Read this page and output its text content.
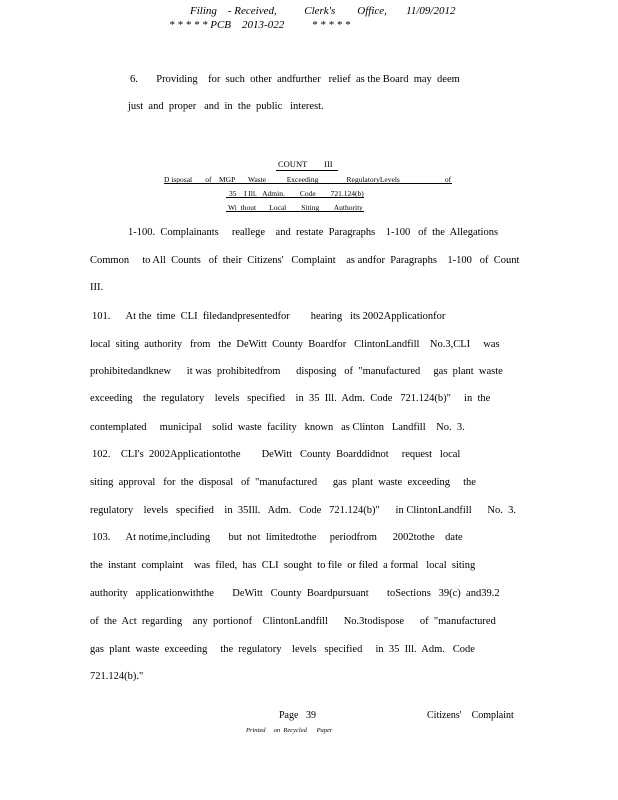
Filing    - Received,          Clerk's        Office,       11/09/2012
* * * * * PCB    2013-022          * * * * *
6.       Providing    for  such  other  andfurther   relief  as the Board  may  deem
just  and  proper   and  in  the  public   interest.
COUNT        III
D isposal       of    MGP       Waste           Exceeding               RegulatoryLevels                        of
35    I Ill.   Admin.        Code        721.124(b)
Wi  thout       Local        Siting        Authority
1-100.  Complainants     reallege    and  restate  Paragraphs    1-100   of  the  Allegations
Common     to All  Counts   of  their  Citizens'   Complaint    as andfor  Paragraphs    1-100   of  Count
III.
101.      At the  time  CLI  filedandpresentedfor        hearing   its 2002Applicationfor
local  siting  authority   from   the  DeWitt  County  Boardfor   ClintonLandfill    No.3,CLI     was
prohibitedandknew      it was  prohibitedfrom      disposing   of  "manufactured     gas  plant  waste
exceeding    the  regulatory    levels   specified    in  35  Ill.  Adm.  Code   721.124(b)"     in  the
contemplated     municipal    solid  waste  facility   known   as Clinton   Landfill    No.  3.
102.    CLI's  2002Applicationtothe        DeWitt   County  Boarddidnot     request   local
siting  approval   for  the  disposal   of  "manufactured      gas  plant  waste  exceeding     the
regulatory    levels   specified    in  35Ill.   Adm.   Code   721.124(b)"      in ClintonLandfill      No.  3.
103.      At notime,including       but  not  limitedtothe     periodfrom      2002tothe    date
the  instant  complaint    was  filed,  has  CLI  sought  to file  or filed  a formal   local  siting
authority   applicationwiththe       DeWitt   County  Boardpursuant       toSections   39(c)  and39.2
of  the  Act  regarding    any  portionof    ClintonLandfill      No.3todispose      of  "manufactured
gas  plant  waste  exceeding     the  regulatory    levels   specified     in  35  Ill.  Adm.   Code
721.124(b)."
Page   39	Citizens'    Complaint
Printed     on  Recycled      Paper
